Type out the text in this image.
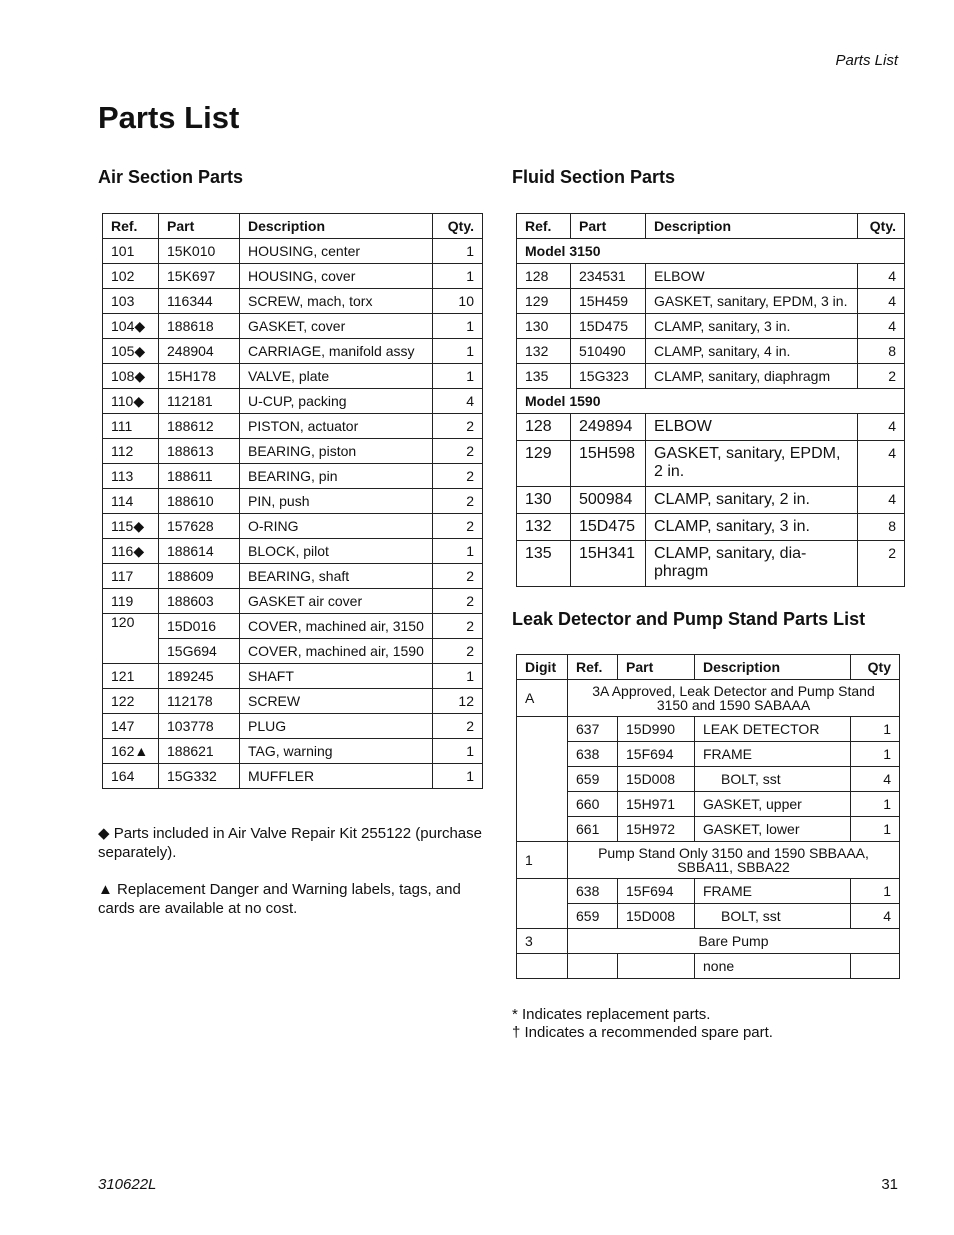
Parts List
Parts List
Air Section Parts
Ref.	Part	Description	Qty.
101	15K010	HOUSING, center	1
102	15K697	HOUSING, cover	1
103	116344	SCREW, mach, torx	10
104◆	188618	GASKET, cover	1
105◆	248904	CARRIAGE, manifold assy	1
108◆	15H178	VALVE, plate	1
110◆	112181	U-CUP, packing	4
111	188612	PISTON, actuator	2
112	188613	BEARING, piston	2
113	188611	BEARING, pin	2
114	188610	PIN, push	2
115◆	157628	O-RING	2
116◆	188614	BLOCK, pilot	1
117	188609	BEARING, shaft	2
119	188603	GASKET air cover	2
120	15D016	COVER, machined air, 3150	2
	15G694	COVER, machined air, 1590	2
121	189245	SHAFT	1
122	112178	SCREW	12
147	103778	PLUG	2
162▲	188621	TAG, warning	1
164	15G332	MUFFLER	1
◆ Parts included in Air Valve Repair Kit 255122 (purchase separately).
▲ Replacement Danger and Warning labels, tags, and cards are available at no cost.
Fluid Section Parts
Ref.	Part	Description	Qty.
Model 3150			
128	234531	ELBOW	4
129	15H459	GASKET, sanitary, EPDM, 3 in.	4
130	15D475	CLAMP, sanitary, 3 in.	4
132	510490	CLAMP, sanitary, 4 in.	8
135	15G323	CLAMP, sanitary, diaphragm	2
Model 1590			
128	249894	ELBOW	4
129	15H598	GASKET, sanitary, EPDM, 2 in.	4
130	500984	CLAMP, sanitary, 2 in.	4
132	15D475	CLAMP, sanitary, 3 in.	8
135	15H341	CLAMP, sanitary, dia-phragm	2
Leak Detector and Pump Stand Parts List
Digit	Ref.	Part	Description	Qty
A	3A Approved, Leak Detector and Pump Stand 3150 and 1590 SABAAA			
	637	15D990	LEAK DETECTOR	1
	638	15F694	FRAME	1
	659	15D008	BOLT, sst	4
	660	15H971	GASKET, upper	1
	661	15H972	GASKET, lower	1
1	Pump Stand Only 3150 and 1590 SBBAAA, SBBA11, SBBA22			
	638	15F694	FRAME	1
	659	15D008	BOLT, sst	4
3	Bare Pump			
			none	
* Indicates replacement parts.
† Indicates a recommended spare part.
310622L	31
